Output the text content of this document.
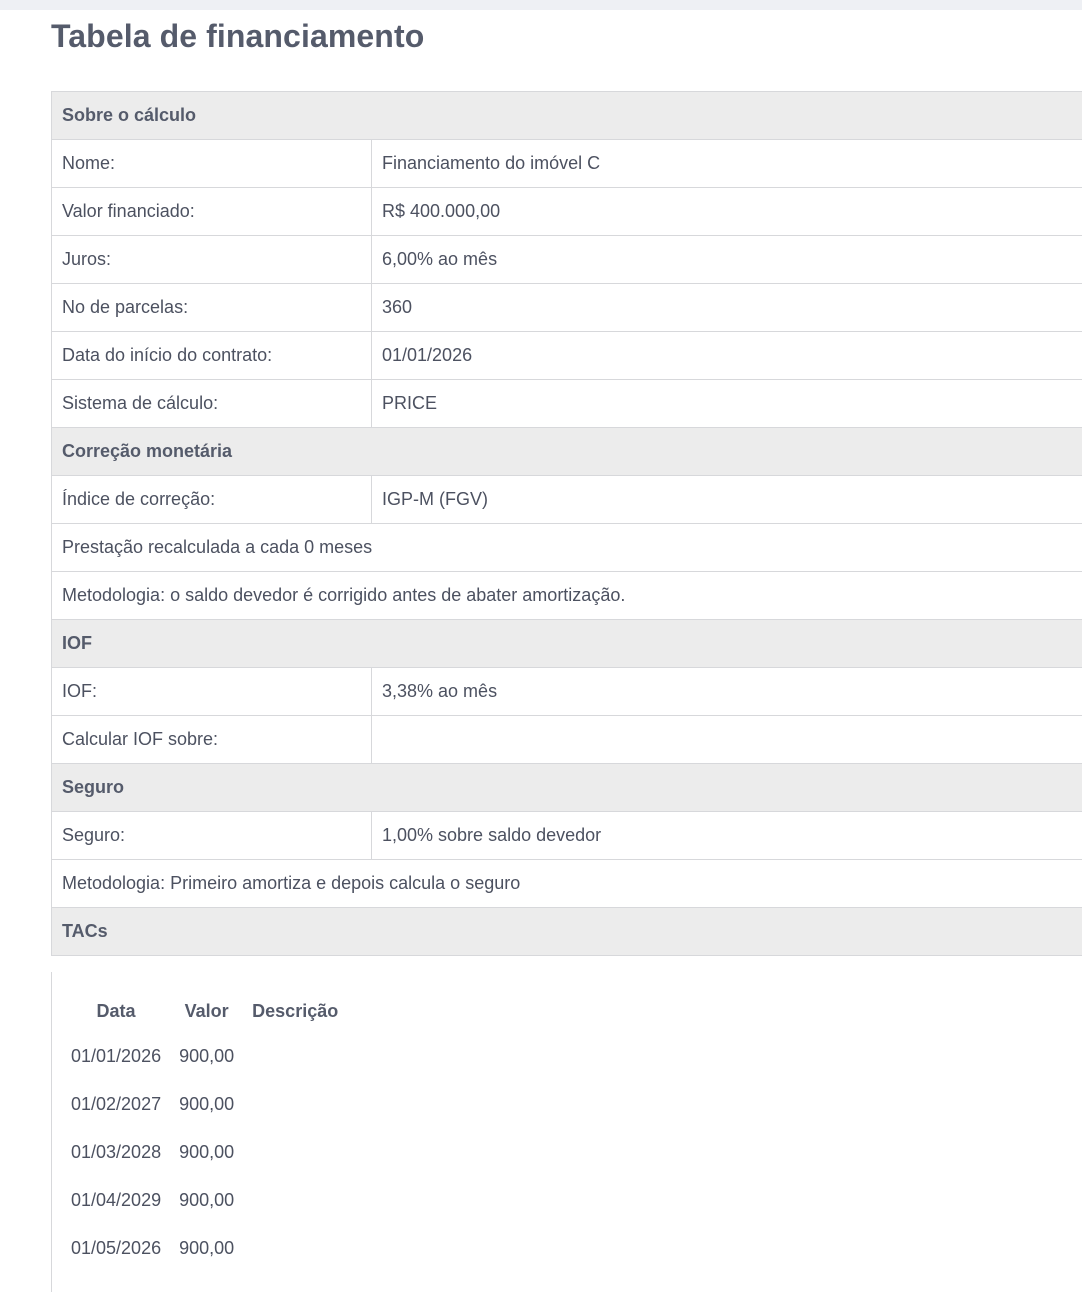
Tabela de financiamento
Sobre o cálculo	
Nome:	Financiamento do imóvel C
Valor financiado:	R$ 400.000,00
Juros:	6,00% ao mês
No de parcelas:	360
Data do início do contrato:	01/01/2026
Sistema de cálculo:	PRICE
Correção monetária	
Índice de correção:	IGP-M (FGV)
Prestação recalculada a cada 0 meses	
Metodologia: o saldo devedor é corrigido antes de abater amortização.	
IOF	
IOF:	3,38% ao mês
Calcular IOF sobre:	
Seguro	
Seguro:	1,00% sobre saldo devedor
Metodologia: Primeiro amortiza e depois calcula o seguro	
TACs	
Data	Valor	Descrição
01/01/2026	900,00	
01/02/2027	900,00	
01/03/2028	900,00	
01/04/2029	900,00	
01/05/2026	900,00	
